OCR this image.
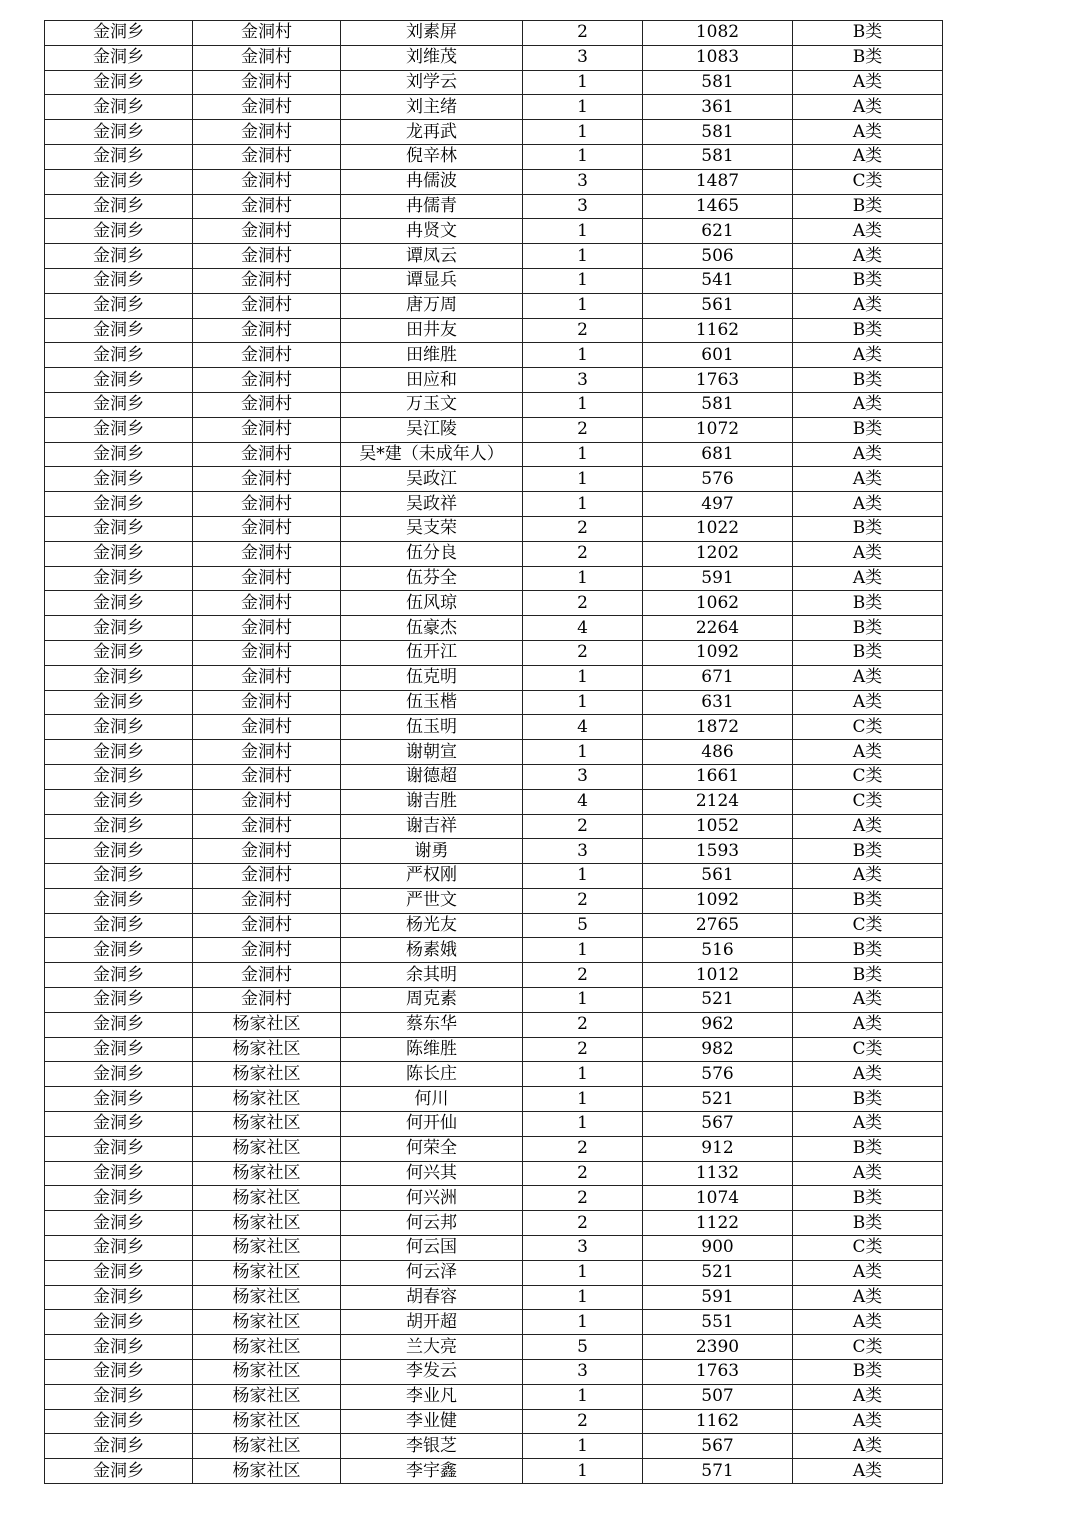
金洞乡	金洞村	刘素屏	2	1082	B类
金洞乡	金洞村	刘维茂	3	1083	B类
金洞乡	金洞村	刘学云	1	581	A类
金洞乡	金洞村	刘主绪	1	361	A类
金洞乡	金洞村	龙再武	1	581	A类
金洞乡	金洞村	倪辛林	1	581	A类
金洞乡	金洞村	冉儒波	3	1487	C类
金洞乡	金洞村	冉儒青	3	1465	B类
金洞乡	金洞村	冉贤文	1	621	A类
金洞乡	金洞村	谭凤云	1	506	A类
金洞乡	金洞村	谭显兵	1	541	B类
金洞乡	金洞村	唐万周	1	561	A类
金洞乡	金洞村	田井友	2	1162	B类
金洞乡	金洞村	田维胜	1	601	A类
金洞乡	金洞村	田应和	3	1763	B类
金洞乡	金洞村	万玉文	1	581	A类
金洞乡	金洞村	吴江陵	2	1072	B类
金洞乡	金洞村	吴*建（未成年人）	1	681	A类
金洞乡	金洞村	吴政江	1	576	A类
金洞乡	金洞村	吴政祥	1	497	A类
金洞乡	金洞村	吴支荣	2	1022	B类
金洞乡	金洞村	伍分良	2	1202	A类
金洞乡	金洞村	伍芬全	1	591	A类
金洞乡	金洞村	伍风琼	2	1062	B类
金洞乡	金洞村	伍豪杰	4	2264	B类
金洞乡	金洞村	伍开江	2	1092	B类
金洞乡	金洞村	伍克明	1	671	A类
金洞乡	金洞村	伍玉楷	1	631	A类
金洞乡	金洞村	伍玉明	4	1872	C类
金洞乡	金洞村	谢朝宣	1	486	A类
金洞乡	金洞村	谢德超	3	1661	C类
金洞乡	金洞村	谢吉胜	4	2124	C类
金洞乡	金洞村	谢吉祥	2	1052	A类
金洞乡	金洞村	谢勇	3	1593	B类
金洞乡	金洞村	严权刚	1	561	A类
金洞乡	金洞村	严世文	2	1092	B类
金洞乡	金洞村	杨光友	5	2765	C类
金洞乡	金洞村	杨素娥	1	516	B类
金洞乡	金洞村	余其明	2	1012	B类
金洞乡	金洞村	周克素	1	521	A类
金洞乡	杨家社区	蔡东华	2	962	A类
金洞乡	杨家社区	陈维胜	2	982	C类
金洞乡	杨家社区	陈长庄	1	576	A类
金洞乡	杨家社区	何川	1	521	B类
金洞乡	杨家社区	何开仙	1	567	A类
金洞乡	杨家社区	何荣全	2	912	B类
金洞乡	杨家社区	何兴其	2	1132	A类
金洞乡	杨家社区	何兴洲	2	1074	B类
金洞乡	杨家社区	何云邦	2	1122	B类
金洞乡	杨家社区	何云国	3	900	C类
金洞乡	杨家社区	何云泽	1	521	A类
金洞乡	杨家社区	胡春容	1	591	A类
金洞乡	杨家社区	胡开超	1	551	A类
金洞乡	杨家社区	兰大亮	5	2390	C类
金洞乡	杨家社区	李发云	3	1763	B类
金洞乡	杨家社区	李业凡	1	507	A类
金洞乡	杨家社区	李业健	2	1162	A类
金洞乡	杨家社区	李银芝	1	567	A类
金洞乡	杨家社区	李宇鑫	1	571	A类
